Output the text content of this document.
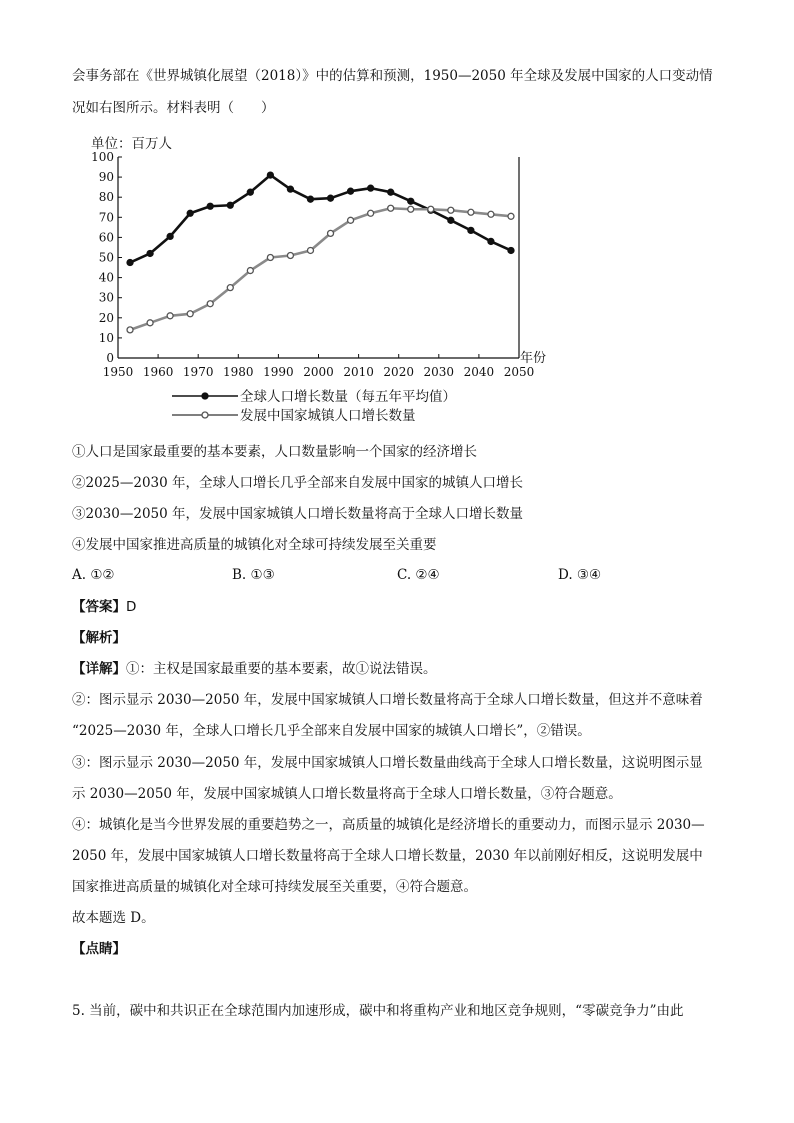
会事务部在《世界城镇化展望（2018）》中的估算和预测，1950—2050 年全球及发展中国家的人口变动情
况如右图所示。材料表明（　　）
单位：百万人
0
10
20
30
40
50
60
70
80
90
100
1950 1960 1970 1980 1990 2000 2010 2020 2030 2040 2050
年份
全球人口增长数量（每五年平均值）
发展中国家城镇人口增长数量
①人口是国家最重要的基本要素，人口数量影响一个国家的经济增长
②2025—2030 年，全球人口增长几乎全部来自发展中国家的城镇人口增长
③2030—2050 年，发展中国家城镇人口增长数量将高于全球人口增长数量
④发展中国家推进高质量的城镇化对全球可持续发展至关重要
A. ①②	B. ①③	C. ②④	D. ③④
【答案】D
【解析】
【详解】①：主权是国家最重要的基本要素，故①说法错误。
②：图示显示 2030—2050 年，发展中国家城镇人口增长数量将高于全球人口增长数量，但这并不意味着
“2025—2030 年，全球人口增长几乎全部来自发展中国家的城镇人口增长”，②错误。
③：图示显示 2030—2050 年，发展中国家城镇人口增长数量曲线高于全球人口增长数量，这说明图示显
示 2030—2050 年，发展中国家城镇人口增长数量将高于全球人口增长数量，③符合题意。
④：城镇化是当今世界发展的重要趋势之一，高质量的城镇化是经济增长的重要动力，而图示显示 2030—
2050 年，发展中国家城镇人口增长数量将高于全球人口增长数量，2030 年以前刚好相反，这说明发展中
国家推进高质量的城镇化对全球可持续发展至关重要，④符合题意。
故本题选 D。
【点睛】
5. 当前，碳中和共识正在全球范围内加速形成，碳中和将重构产业和地区竞争规则，“零碳竞争力”由此
